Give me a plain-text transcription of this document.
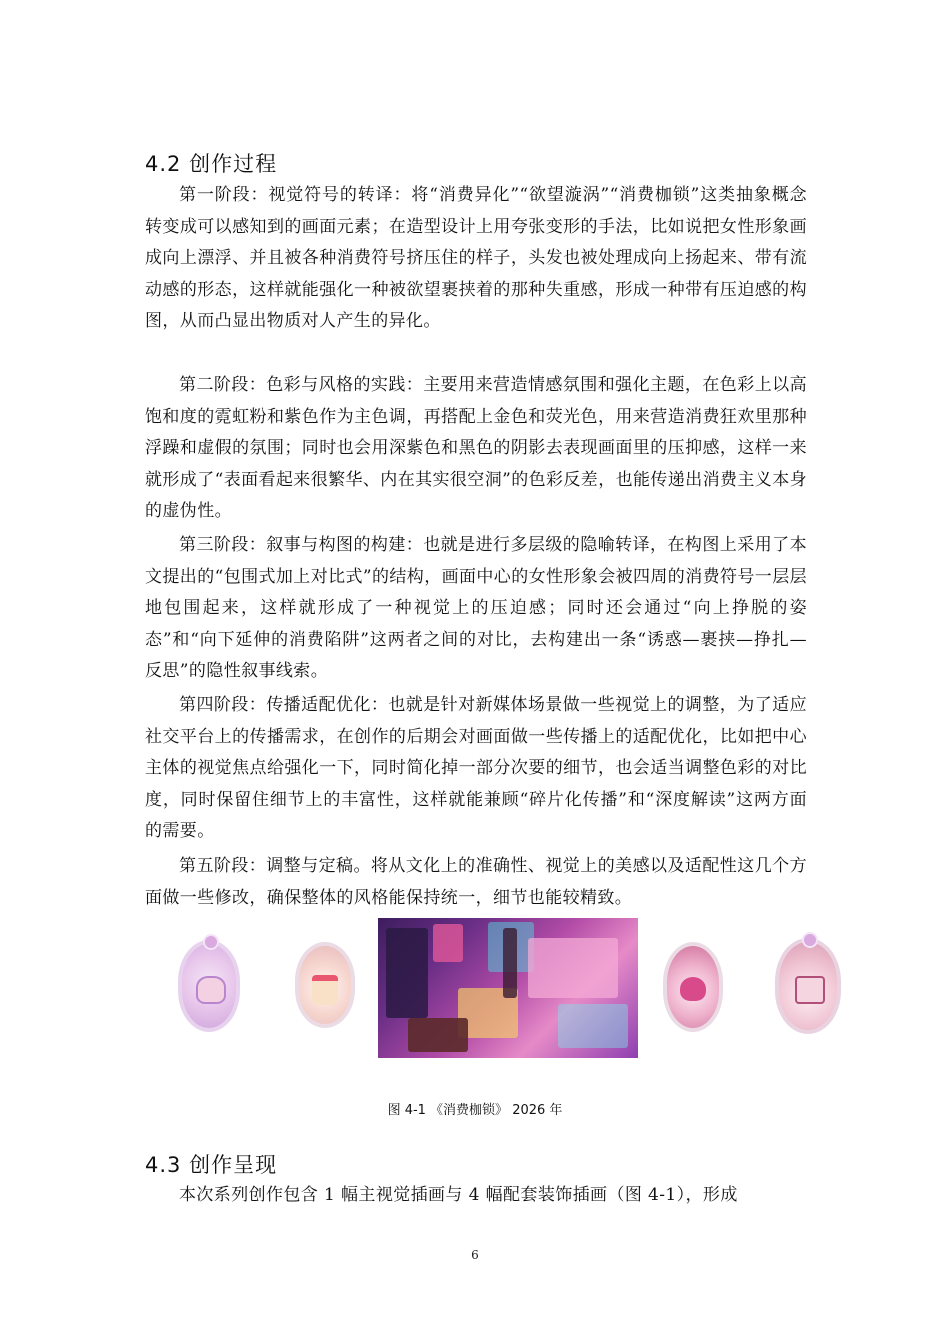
4.2 创作过程

第一阶段：视觉符号的转译：将“消费异化”“欲望漩涡”“消费枷锁”这类抽象概念转变成可以感知到的画面元素；在造型设计上用夸张变形的手法，比如说把女性形象画成向上漂浮、并且被各种消费符号挤压住的样子，头发也被处理成向上扬起来、带有流动感的形态，这样就能强化一种被欲望裹挟着的那种失重感，形成一种带有压迫感的构图，从而凸显出物质对人产生的异化。

第二阶段：色彩与风格的实践：主要用来营造情感氛围和强化主题，在色彩上以高饱和度的霓虹粉和紫色作为主色调，再搭配上金色和荧光色，用来营造消费狂欢里那种浮躁和虚假的氛围；同时也会用深紫色和黑色的阴影去表现画面里的压抑感，这样一来就形成了“表面看起来很繁华、内在其实很空洞”的色彩反差，也能传递出消费主义本身的虚伪性。

第三阶段：叙事与构图的构建：也就是进行多层级的隐喻转译，在构图上采用了本文提出的“包围式加上对比式”的结构，画面中心的女性形象会被四周的消费符号一层层地包围起来，这样就形成了一种视觉上的压迫感；同时还会通过“向上挣脱的姿态”和“向下延伸的消费陷阱”这两者之间的对比，去构建出一条“诱惑—裹挟—挣扎—反思”的隐性叙事线索。

第四阶段：传播适配优化：也就是针对新媒体场景做一些视觉上的调整，为了适应社交平台上的传播需求，在创作的后期会对画面做一些传播上的适配优化，比如把中心主体的视觉焦点给强化一下，同时简化掉一部分次要的细节，也会适当调整色彩的对比度，同时保留住细节上的丰富性，这样就能兼顾“碎片化传播”和“深度解读”这两方面的需要。

第五阶段：调整与定稿。将从文化上的准确性、视觉上的美感以及适配性这几个方面做一些修改，确保整体的风格能保持统一，细节也能较精致。

图 4-1 《消费枷锁》 2026 年

4.3 创作呈现

本次系列创作包含 1 幅主视觉插画与 4 幅配套装饰插画（图 4-1），形成

6
